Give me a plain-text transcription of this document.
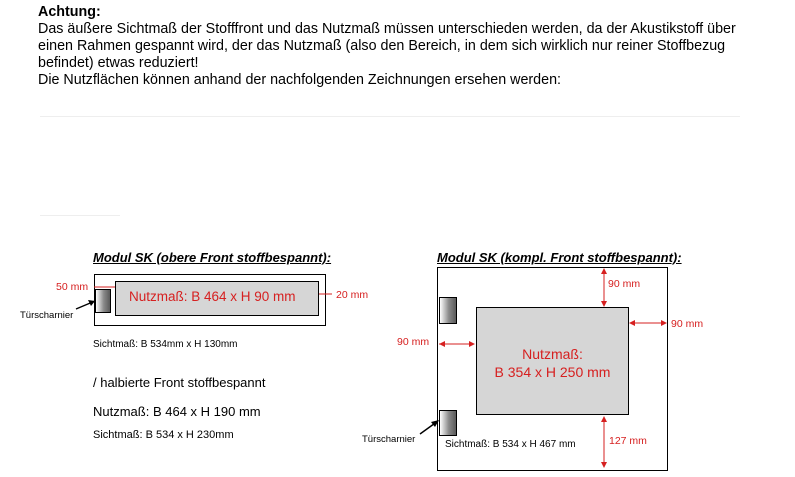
Achtung:
Das äußere Sichtmaß der Stofffront und das Nutzmaß müssen unterschieden werden, da der Akustikstoff über
einen Rahmen gespannt wird, der das Nutzmaß (also den Bereich, in dem sich wirklich nur reiner Stoffbezug
befindet) etwas reduziert!
Die Nutzflächen können anhand der nachfolgenden Zeichnungen ersehen werden:
Modul SK (obere Front stoffbespannt):
Nutzmaß: B 464 x H 90 mm
50 mm
20 mm
Türscharnier
Sichtmaß: B 534mm x H 130mm
/ halbierte Front stoffbespannt
Nutzmaß: B 464 x H 190 mm
Sichtmaß: B 534 x H 230mm
Modul SK (kompl. Front stoffbespannt):
Nutzmaß:
B 354 x H 250 mm
90 mm
90 mm
90 mm
127 mm
Türscharnier	Sichtmaß: B 534 x H 467 mm
